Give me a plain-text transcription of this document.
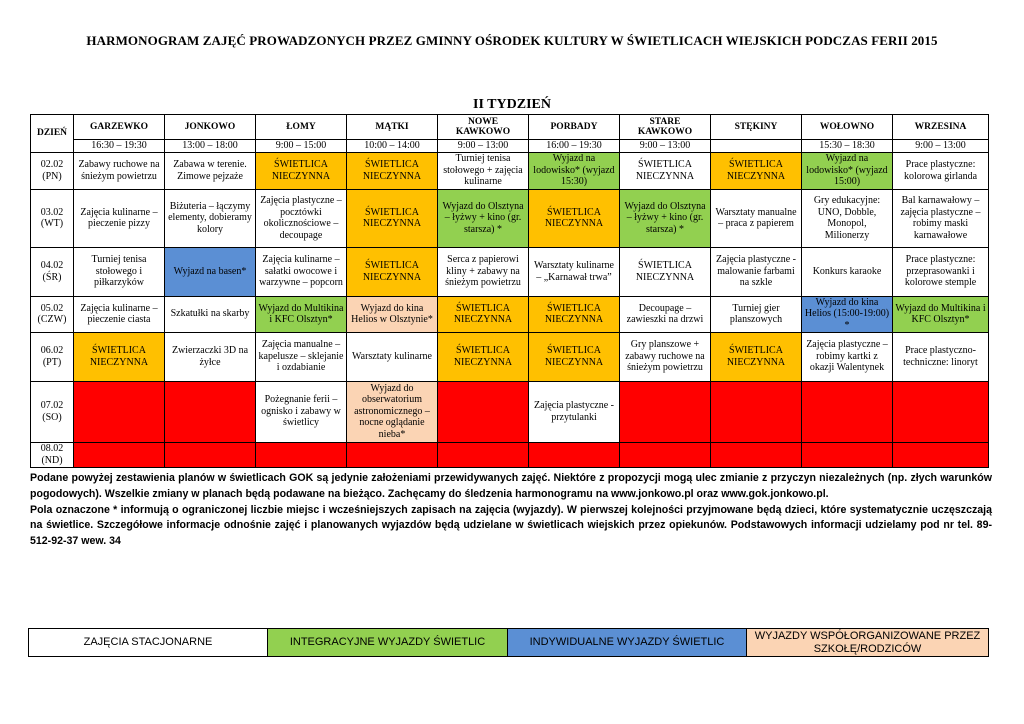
HARMONOGRAM ZAJĘĆ PROWADZONYCH PRZEZ GMINNY OŚRODEK KULTURY W ŚWIETLICACH WIEJSKICH PODCZAS FERII 2015
II TYDZIEŃ
DZIEŃ	GARZEWKO	JONKOWO	ŁOMY	MĄTKI	NOWE KAWKOWO	PORBADY	STARE KAWKOWO	STĘKINY	WOŁOWNO	WRZESINA
	16:30 – 19:30	13:00 – 18:00	9:00 – 15:00	10:00 – 14:00	9:00 – 13:00	16:00 – 19:30	9:00 – 13:00		15:30 – 18:30	9:00 – 13:00
02.02 (PN)	Zabawy ruchowe na śnieżym powietrzu	Zabawa w terenie. Zimowe pejzaże	ŚWIETLICA NIECZYNNA	ŚWIETLICA NIECZYNNA	Turniej tenisa stołowego + zajęcia kulinarne	Wyjazd na lodowisko* (wyjazd 15:30)	ŚWIETLICA NIECZYNNA	ŚWIETLICA NIECZYNNA	Wyjazd na lodowisko* (wyjazd 15:00)	Prace plastyczne: kolorowa girlanda
03.02 (WT)	Zajęcia kulinarne – pieczenie pizzy	Biżuteria – łączymy elementy, dobieramy kolory	Zajęcia plastyczne – pocztówki okolicznościowe – decoupage	ŚWIETLICA NIECZYNNA	Wyjazd do Olsztyna – łyżwy + kino (gr. starsza) *	ŚWIETLICA NIECZYNNA	Wyjazd do Olsztyna – łyżwy + kino (gr. starsza) *	Warsztaty manualne – praca z papierem	Gry edukacyjne: UNO, Dobble, Monopol, Milionerzy	Bal karnawałowy – zajęcia plastyczne – robimy maski karnawałowe
04.02 (ŚR)	Turniej tenisa stołowego i piłkarzyków	Wyjazd na basen*	Zajęcia kulinarne – sałatki owocowe i warzywne – popcorn	ŚWIETLICA NIECZYNNA	Serca z papierowi kliny + zabawy na śnieżym powietrzu	Warsztaty kulinarne – „Karnawał trwa”	ŚWIETLICA NIECZYNNA	Zajęcia plastyczne - malowanie farbami na szkle	Konkurs karaoke	Prace plastyczne: przeprasowanki i kolorowe stemple
05.02 (CZW)	Zajęcia kulinarne – pieczenie ciasta	Szkatułki na skarby	Wyjazd do Multikina i KFC Olsztyn*	Wyjazd do kina Helios w Olsztynie*	ŚWIETLICA NIECZYNNA	ŚWIETLICA NIECZYNNA	Decoupage – zawieszki na drzwi	Turniej gier planszowych	Wyjazd do kina Helios (15:00-19:00) *	Wyjazd do Multikina i KFC Olsztyn*
06.02 (PT)	ŚWIETLICA NIECZYNNA	Zwierzaczki 3D na żyłce	Zajęcia manualne – kapelusze – sklejanie i ozdabianie	Warsztaty kulinarne	ŚWIETLICA NIECZYNNA	ŚWIETLICA NIECZYNNA	Gry planszowe + zabawy ruchowe na śnieżym powietrzu	ŚWIETLICA NIECZYNNA	Zajęcia plastyczne – robimy kartki z okazji Walentynek	Prace plastyczno-techniczne: linoryt
07.02 (SO)			Pożegnanie ferii – ognisko i zabawy w świetlicy	Wyjazd do obserwatorium astronomicznego – nocne oglądanie nieba*		Zajęcia plastyczne - przytulanki				
08.02 (ND)										

Podane powyżej zestawienia planów w świetlicach GOK są jedynie założeniami przewidywanych zajęć. Niektóre z propozycji mogą ulec zmianie z przyczyn niezależnych (np. złych warunków pogodowych). Wszelkie zmiany w planach będą podawane na bieżąco. Zachęcamy do śledzenia harmonogramu na www.jonkowo.pl oraz www.gok.jonkowo.pl.

Pola oznaczone * informują o ograniczonej liczbie miejsc i wcześniejszych zapisach na zajęcia (wyjazdy). W pierwszej kolejności przyjmowane będą dzieci, które systematycznie uczęszczają na świetlice. Szczegółowe informacje odnośnie zajęć i planowanych wyjazdów będą udzielane w świetlicach wiejskich przez opiekunów. Podstawowych informacji udzielamy pod nr tel. 89-512-92-37 wew. 34

ZAJĘCIA STACJONARNE	INTEGRACYJNE WYJAZDY ŚWIETLIC	INDYWIDUALNE WYJAZDY ŚWIETLIC	WYJAZDY WSPÓŁORGANIZOWANE PRZEZ SZKOŁĘ/RODZICÓW
